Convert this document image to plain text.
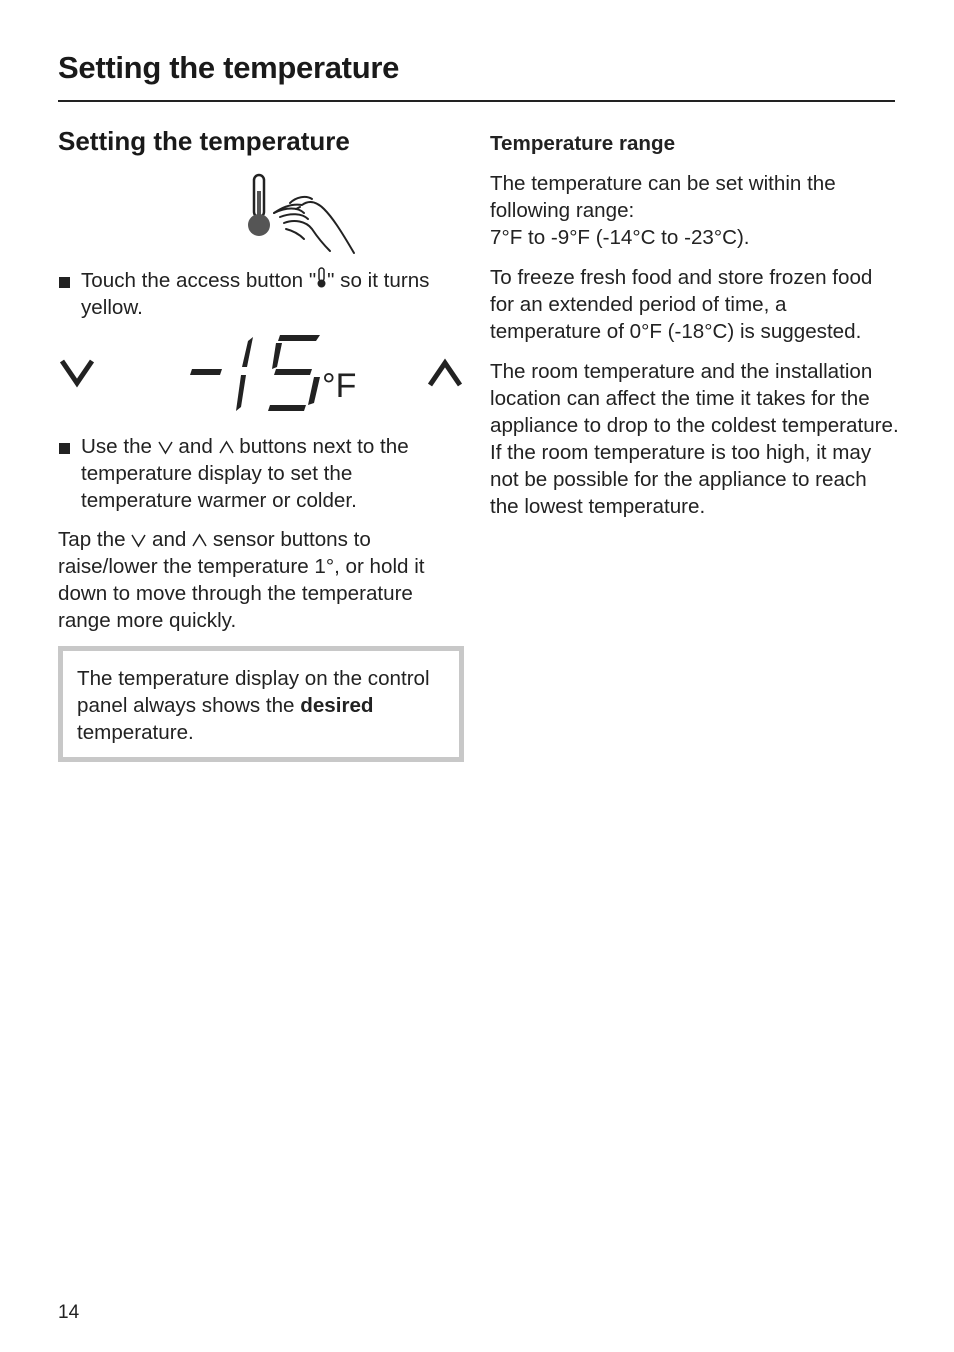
Setting the temperature
Setting the temperature

Touch the access button " " so it turns yellow.

°F

Use the  and  buttons next to the temperature display to set the temperature warmer or colder.

Tap the  and  sensor buttons to raise/lower the temperature 1°, or hold it down to move through the temperature range more quickly.

The temperature display on the control panel always shows the desired temperature.

Temperature range

The temperature can be set within the following range:
7°F to -9°F (-14°C to -23°C).

To freeze fresh food and store frozen food for an extended period of time, a temperature of 0°F (-18°C) is suggested.

The room temperature and the installation location can affect the time it takes for the appliance to drop to the coldest temperature. If the room temperature is too high, it may not be possible for the appliance to reach the lowest temperature.

14
